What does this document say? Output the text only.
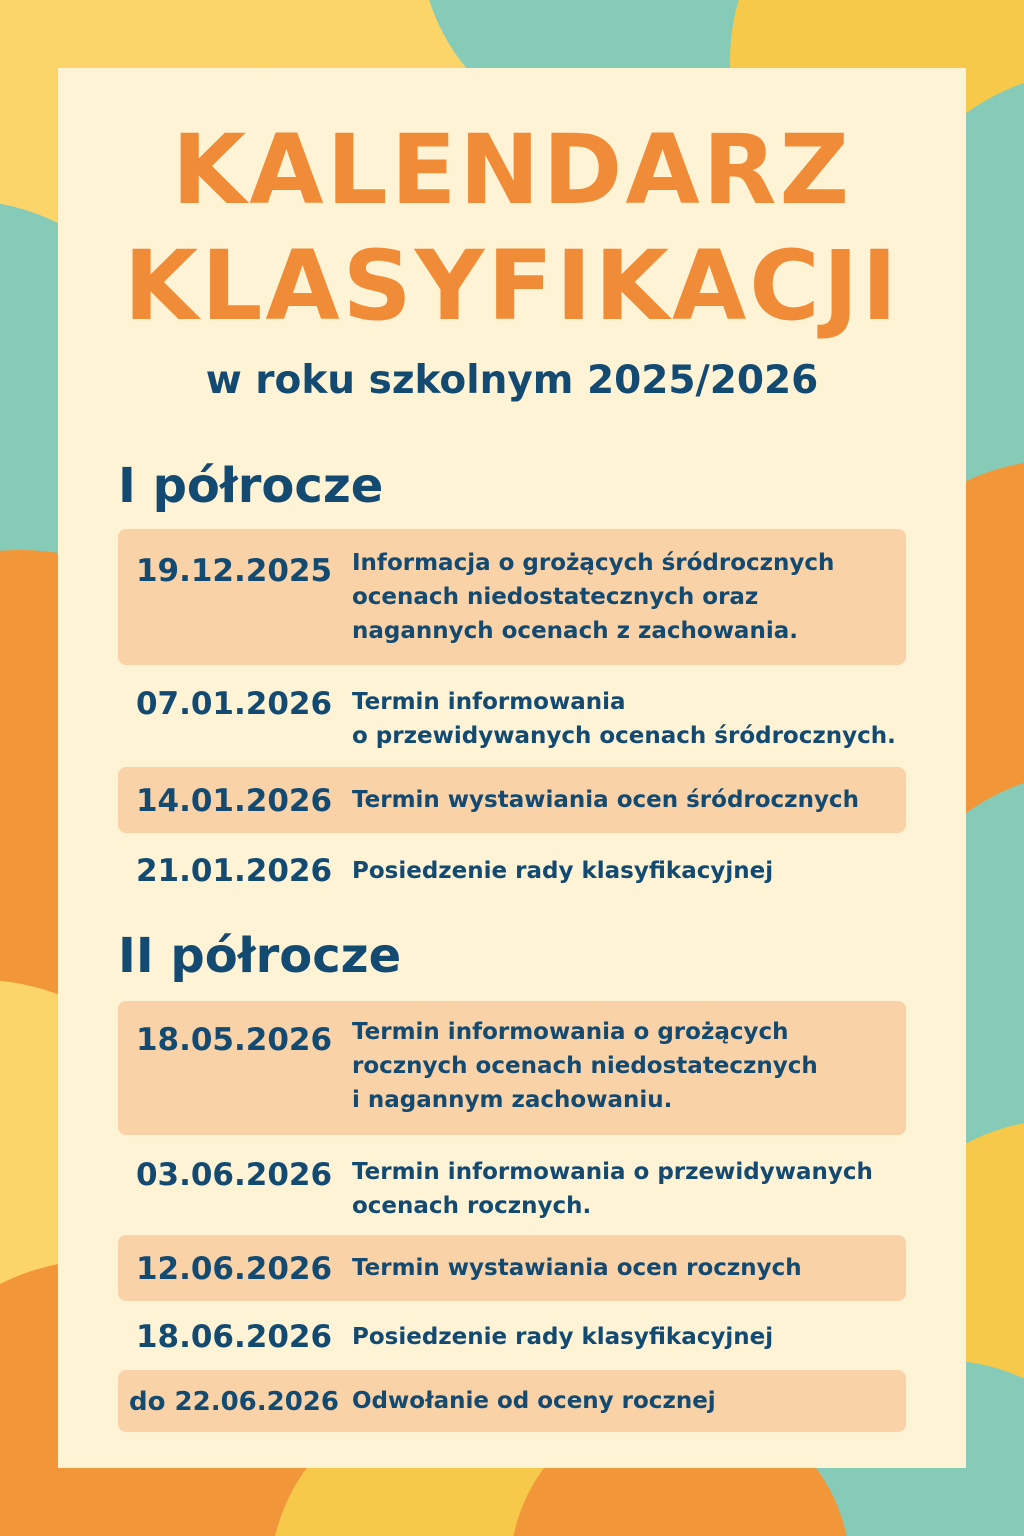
KALENDARZ
KLASYFIKACJI
w roku szkolnym 2025/2026
I półrocze
19.12.2025 Informacja o grożących śródrocznych
ocenach niedostatecznych oraz
nagannych ocenach z zachowania.
07.01.2026 Termin informowania
o przewidywanych ocenach śródrocznych.
14.01.2026 Termin wystawiania ocen śródrocznych
21.01.2026 Posiedzenie rady klasyfikacyjnej
II półrocze
18.05.2026 Termin informowania o grożących
rocznych ocenach niedostatecznych
i nagannym zachowaniu.
03.06.2026 Termin informowania o przewidywanych
ocenach rocznych.
12.06.2026 Termin wystawiania ocen rocznych
18.06.2026 Posiedzenie rady klasyfikacyjnej
do 22.06.2026 Odwołanie od oceny rocznej
